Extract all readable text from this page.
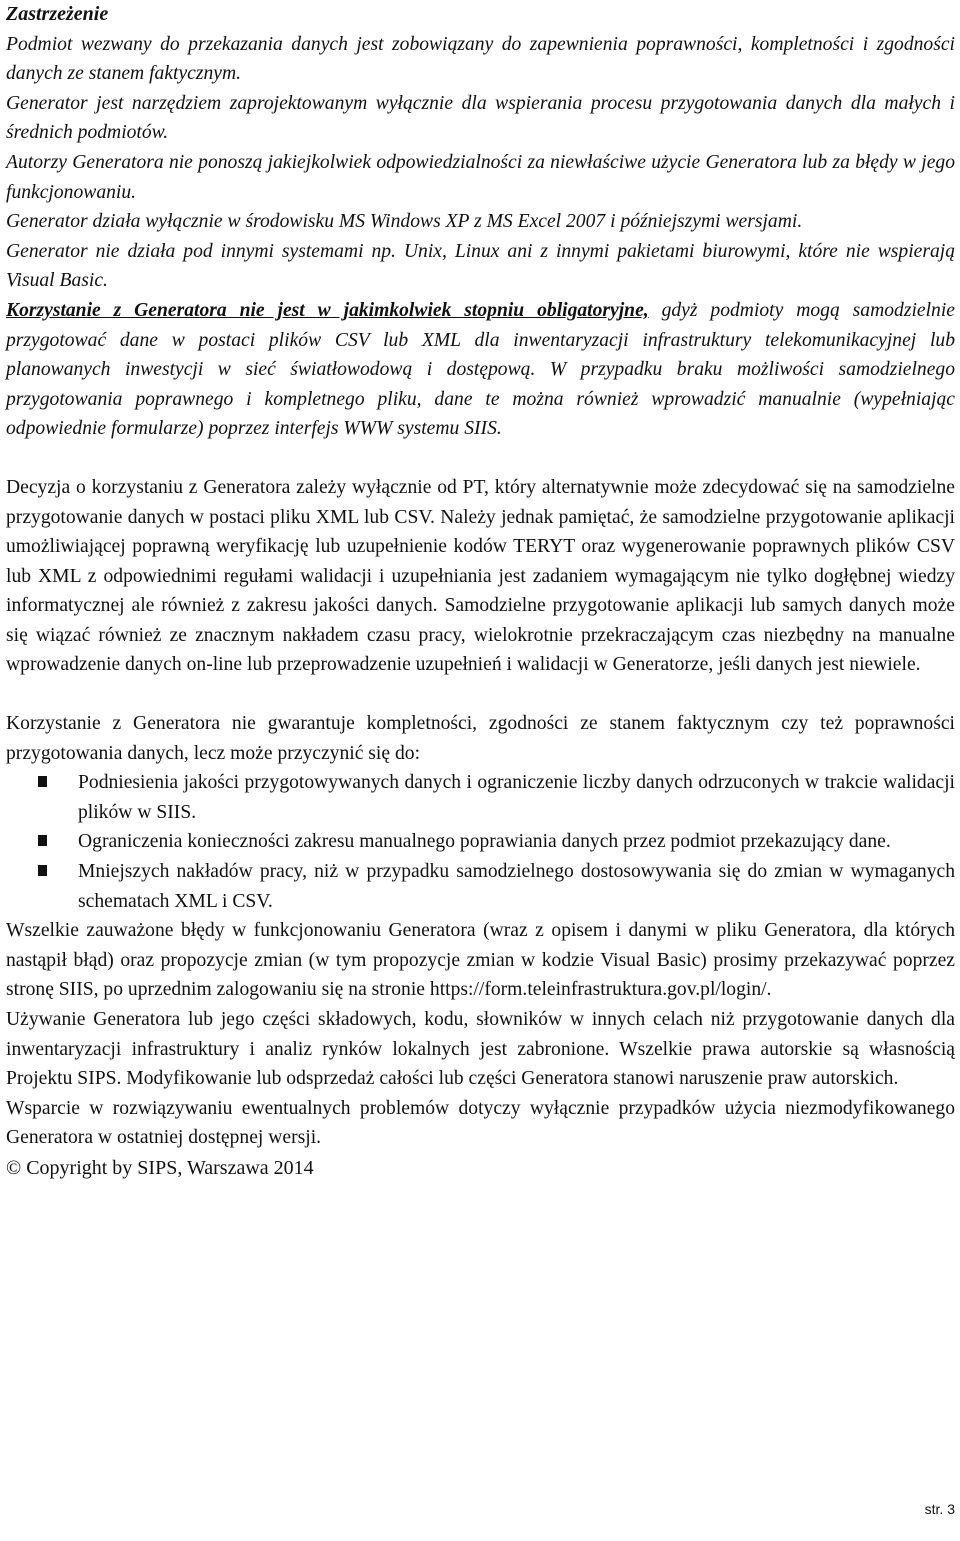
Zastrzeżenie

Podmiot wezwany do przekazania danych jest zobowiązany do zapewnienia poprawności, kompletności i zgodności danych ze stanem faktycznym.

Generator jest narzędziem zaprojektowanym wyłącznie dla wspierania procesu przygotowania danych dla małych i średnich podmiotów.

Autorzy Generatora nie ponoszą jakiejkolwiek odpowiedzialności za niewłaściwe użycie Generatora lub za błędy w jego funkcjonowaniu.

Generator działa wyłącznie w środowisku MS Windows XP z MS Excel 2007 i późniejszymi wersjami.

Generator nie działa pod innymi systemami np. Unix, Linux ani z innymi pakietami biurowymi, które nie wspierają Visual Basic.

Korzystanie z Generatora nie jest w jakimkolwiek stopniu obligatoryjne, gdyż podmioty mogą samodzielnie przygotować dane w postaci plików CSV lub XML dla inwentaryzacji infrastruktury telekomunikacyjnej lub planowanych inwestycji w sieć światłowodową i dostępową. W przypadku braku możliwości samodzielnego przygotowania poprawnego i kompletnego pliku, dane te można również wprowadzić manualnie (wypełniając odpowiednie formularze) poprzez interfejs WWW systemu SIIS.

Decyzja o korzystaniu z Generatora zależy wyłącznie od PT, który alternatywnie może zdecydować się na samodzielne przygotowanie danych w postaci pliku XML lub CSV. Należy jednak pamiętać, że samodzielne przygotowanie aplikacji umożliwiającej poprawną weryfikację lub uzupełnienie kodów TERYT oraz wygenerowanie poprawnych plików CSV lub XML z odpowiednimi regułami walidacji i uzupełniania jest zadaniem wymagającym nie tylko dogłębnej wiedzy informatycznej ale również z zakresu jakości danych. Samodzielne przygotowanie aplikacji lub samych danych może się wiązać również ze znacznym nakładem czasu pracy, wielokrotnie przekraczającym czas niezbędny na manualne wprowadzenie danych on-line lub przeprowadzenie uzupełnień i walidacji w Generatorze, jeśli danych jest niewiele.

Korzystanie z Generatora nie gwarantuje kompletności, zgodności ze stanem faktycznym czy też poprawności przygotowania danych, lecz może przyczynić się do:

Podniesienia jakości przygotowywanych danych i ograniczenie liczby danych odrzuconych w trakcie walidacji plików w SIIS.
Ograniczenia konieczności zakresu manualnego poprawiania danych przez podmiot przekazujący dane.
Mniejszych nakładów pracy, niż w przypadku samodzielnego dostosowywania się do zmian w wymaganych schematach XML i CSV.

Wszelkie zauważone błędy w funkcjonowaniu Generatora (wraz z opisem i danymi w pliku Generatora, dla których nastąpił błąd) oraz propozycje zmian (w tym propozycje zmian w kodzie Visual Basic) prosimy przekazywać poprzez stronę SIIS, po uprzednim zalogowaniu się na stronie https://form.teleinfrastruktura.gov.pl/login/.

Używanie Generatora lub jego części składowych, kodu, słowników w innych celach niż przygotowanie danych dla inwentaryzacji infrastruktury i analiz rynków lokalnych jest zabronione. Wszelkie prawa autorskie są własnością Projektu SIPS. Modyfikowanie lub odsprzedaż całości lub części Generatora stanowi naruszenie praw autorskich.

Wsparcie w rozwiązywaniu ewentualnych problemów dotyczy wyłącznie przypadków użycia niezmodyfikowanego Generatora w ostatniej dostępnej wersji.

© Copyright by SIPS, Warszawa 2014

str. 3
